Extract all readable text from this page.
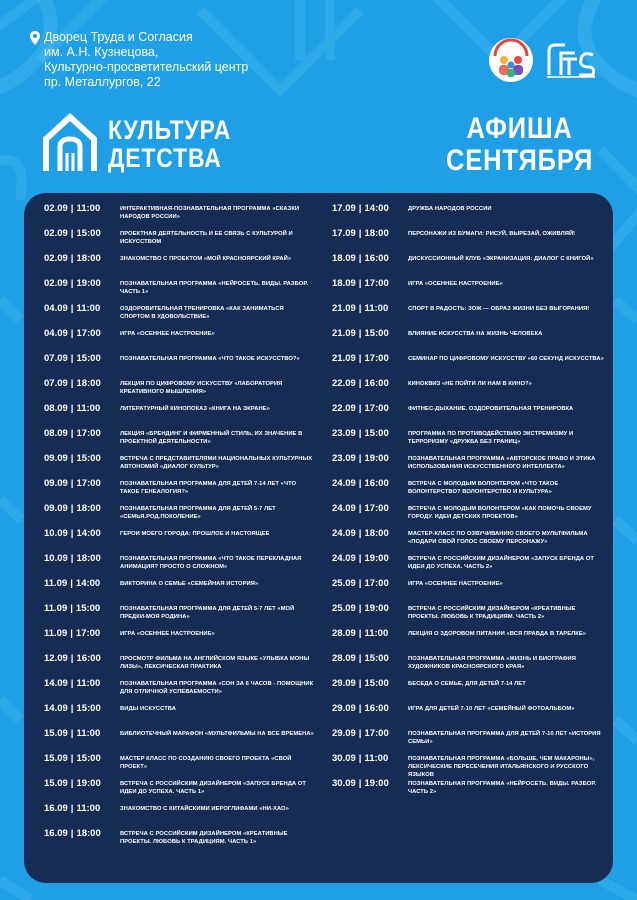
Дворец Труда и Согласия
им. А.Н. Кузнецова,
Культурно-просветительский центр
пр. Металлургов, 22
КУЛЬТУРА
ДЕТСТВА
АФИША
СЕНТЯБРЯ
02.09 | 11:00	ИНТЕРАКТИВНАЯ-ПОЗНАВАТЕЛЬНАЯ ПРОГРАММА «СКАЗКИ НАРОДОВ РОССИИ»
02.09 | 15:00	ПРОЕКТНАЯ ДЕЯТЕЛЬНОСТЬ И ЕЕ СВЯЗЬ С КУЛЬТУРОЙ И ИСКУССТВОМ
02.09 | 18:00	ЗНАКОМСТВО С ПРОЕКТОМ «МОЙ КРАСНОЯРСКИЙ КРАЙ»
02.09 | 19:00	ПОЗНАВАТЕЛЬНАЯ ПРОГРАММА «НЕЙРОСЕТЬ. ВИДЫ. РАЗБОР. ЧАСТЬ 1»
04.09 | 11:00	ОЗДОРОВИТЕЛЬНАЯ ТРЕНИРОВКА «КАК ЗАНИМАТЬСЯ СПОРТОМ В УДОВОЛЬСТВИЕ»
04.09 | 17:00	ИГРА «ОСЕННЕЕ НАСТРОЕНИЕ»
07.09 | 15:00	ПОЗНАВАТЕЛЬНАЯ ПРОГРАММА «ЧТО ТАКОЕ ИСКУССТВО?»
07.09 | 18:00	ЛЕКЦИЯ ПО ЦИФРОВОМУ ИСКУССТВУ «ЛАБОРАТОРИЯ КРЕАТИВНОГО МЫШЛЕНИЯ»
08.09 | 11:00	ЛИТЕРАТУРНЫЙ КИНОПОКАЗ «КНИГА НА ЭКРАНЕ»
08.09 | 17:00	ЛЕКЦИЯ «БРЕНДИНГ И ФИРМЕННЫЙ СТИЛЬ, ИХ ЗНАЧЕНИЕ В ПРОЕКТНОЙ ДЕЯТЕЛЬНОСТИ»
09.09 | 15:00	ВСТРЕЧА С ПРЕДСТАВИТЕЛЯМИ НАЦИОНАЛЬНЫХ КУЛЬТУРНЫХ АВТОНОМИЙ «ДИАЛОГ КУЛЬТУР»
09.09 | 17:00	ПОЗНАВАТЕЛЬНАЯ ПРОГРАММА ДЛЯ ДЕТЕЙ 7-14 ЛЕТ «ЧТО ТАКОЕ ГЕНЕАЛОГИЯ?»
09.09 | 18:00	ПОЗНАВАТЕЛЬНАЯ ПРОГРАММА ДЛЯ ДЕТЕЙ 5-7 ЛЕТ «СЕМЬЯ.РОД.ПОКОЛЕНИЕ»
10.09 | 14:00	ГЕРОИ МОЕГО ГОРОДА: ПРОШЛОЕ И НАСТОЯЩЕЕ
10.09 | 18:00	ПОЗНАВАТЕЛЬНАЯ ПРОГРАММА «ЧТО ТАКОЕ ПЕРЕКЛАДНАЯ АНИМАЦИЯ? ПРОСТО О СЛОЖНОМ»
11.09 | 14:00	ВИКТОРИНА О СЕМЬЕ «СЕМЕЙНАЯ ИСТОРИЯ»
11.09 | 15:00	ПОЗНАВАТЕЛЬНАЯ ПРОГРАММА ДЛЯ ДЕТЕЙ 5-7 ЛЕТ «МОЙ ПРЕДКИ-МОЯ РОДИНА»
11.09 | 17:00	ИГРА «ОСЕННЕЕ НАСТРОЕНИЕ»
12.09 | 16:00	ПРОСМОТР ФИЛЬМА НА АНГЛИЙСКОМ ЯЗЫКЕ «УЛЫБКА МОНЫ ЛИЗЫ», ЛЕКСИЧЕСКАЯ ПРАКТИКА
14.09 | 11:00	ПОЗНАВАТЕЛЬНАЯ ПРОГРАММА «СОН ЗА 6 ЧАСОВ - ПОМОЩНИК ДЛЯ ОТЛИЧНОЙ УСПЕВАЕМОСТИ»
14.09 | 15:00	ВИДЫ ИСКУССТВА
15.09 | 11:00	БИБЛИОТЕЧНЫЙ МАРАФОН «МУЛЬТФИЛЬМЫ НА ВСЕ ВРЕМЕНА»
15.09 | 15:00	МАСТЕР КЛАСС ПО СОЗДАНИЮ СВОЕГО ПРОЕКТА «СВОЙ ПРОЕКТ»
15.09 | 19:00	ВСТРЕЧА С РОССИЙСКИМ ДИЗАЙНЕРОМ «ЗАПУСК БРЕНДА ОТ ИДЕИ ДО УСПЕХА. ЧАСТЬ 1»
16.09 | 11:00	ЗНАКОМСТВО С КИТАЙСКИМИ ИЕРОГЛИФАМИ «НИ-ХАО»
16.09 | 18:00	ВСТРЕЧА С РОССИЙСКИМ ДИЗАЙНЕРОМ «КРЕАТИВНЫЕ ПРОЕКТЫ. ЛЮБОВЬ К ТРАДИЦИЯМ. ЧАСТЬ 1»
17.09 | 14:00	ДРУЖБА НАРОДОВ РОССИИ
17.09 | 18:00	ПЕРСОНАЖИ ИЗ БУМАГИ: РИСУЙ, ВЫРЕЗАЙ, ОЖИВЛЯЙ!
18.09 | 16:00	ДИСКУССИОННЫЙ КЛУБ «ЭКРАНИЗАЦИЯ: ДИАЛОГ С КНИГОЙ»
18.09 | 17:00	ИГРА «ОСЕННЕЕ НАСТРОЕНИЕ»
21.09 | 11:00	СПОРТ В РАДОСТЬ: ЗОЖ — ОБРАЗ ЖИЗНИ БЕЗ ВЫГОРАНИЯ!
21.09 | 15:00	ВЛИЯНИЕ ИСКУССТВА НА ЖИЗНЬ ЧЕЛОВЕКА
21.09 | 17:00	СЕМИНАР ПО ЦИФРОВОМУ ИСКУССТВУ «60 СЕКУНД ИСКУССТВА»
22.09 | 16:00	КИНОКВИЗ «НЕ ПОЙТИ ЛИ НАМ В КИНО?»
22.09 | 17:00	ФИТНЕС-ДЫХАНИЕ. ОЗДОРОВИТЕЛЬНАЯ ТРЕНИРОВКА
23.09 | 15:00	ПРОГРАММА ПО ПРОТИВОДЕЙСТВИЮ ЭКСТРЕМИЗМУ И ТЕРРОРИЗМУ «ДРУЖБА БЕЗ ГРАНИЦ»
23.09 | 19:00	ПОЗНАВАТЕЛЬНАЯ ПРОГРАММА «АВТОРСКОЕ ПРАВО И ЭТИКА ИСПОЛЬЗОВАНИЯ ИСКУССТВЕННОГО ИНТЕЛЛЕКТА»
24.09 | 16:00	ВСТРЕЧА С МОЛОДЫМ ВОЛОНТЕРОМ «ЧТО ТАКОЕ ВОЛОНТЕРСТВО? ВОЛОНТЕРСТВО И КУЛЬТУРА»
24.09 | 17:00	ВСТРЕЧА С МОЛОДЫМ ВОЛОНТЕРОМ «КАК ПОМОЧЬ СВОЕМУ ГОРОДУ. ИДЕИ ДЕТСКИХ ПРОЕКТОВ»
24.09 | 18:00	МАСТЕР-КЛАСС ПО ОЗВУЧИВАНИЮ СВОЕГО МУЛЬТФИЛЬМА «ПОДАРИ СВОЙ ГОЛОС СВОЕМУ ПЕРСОНАЖУ»
24.09 | 19:00	ВСТРЕЧА С РОССИЙСКИМ ДИЗАЙНЕРОМ «ЗАПУСК БРЕНДА ОТ ИДЕИ ДО УСПЕХА. ЧАСТЬ 2»
25.09 | 17:00	ИГРА «ОСЕННЕЕ НАСТРОЕНИЕ»
25.09 | 19:00	ВСТРЕЧА С РОССИЙСКИМ ДИЗАЙНЕРОМ «КРЕАТИВНЫЕ ПРОЕКТЫ. ЛЮБОВЬ К ТРАДИЦИЯМ. ЧАСТЬ 2»
28.09 | 11:00	ЛЕКЦИЯ О ЗДОРОВОМ ПИТАНИИ «ВСЯ ПРАВДА В ТАРЕЛКЕ»
28.09 | 15:00	ПОЗНАВАТЕЛЬНАЯ ПРОГРАММА «ЖИЗНЬ И БИОГРАФИЯ ХУДОЖНИКОВ КРАСНОЯРСКОГО КРАЯ»
29.09 | 15:00	БЕСЕДА О СЕМЬЕ, ДЛЯ ДЕТЕЙ 7-14 ЛЕТ
29.09 | 16:00	ИГРА ДЛЯ ДЕТЕЙ 7-10 ЛЕТ «СЕМЕЙНЫЙ ФОТОАЛЬБОМ»
29.09 | 17:00	ПОЗНАВАТЕЛЬНАЯ ПРОГРАММА ДЛЯ ДЕТЕЙ 7-10 ЛЕТ «ИСТОРИЯ СЕМЬИ»
30.09 | 11:00	ПОЗНАВАТЕЛЬНАЯ ПРОГРАММА «БОЛЬШЕ, ЧЕМ МАКАРОНЫ», ЛЕКСИЧЕСКИЕ ПЕРЕСЕЧЕНИЯ ИТАЛЬЯНСКОГО И РУССКОГО ЯЗЫКОВ
30.09 | 19:00	ПОЗНАВАТЕЛЬНАЯ ПРОГРАММА «НЕЙРОСЕТЬ. ВИДЫ. РАЗБОР. ЧАСТЬ 2»
